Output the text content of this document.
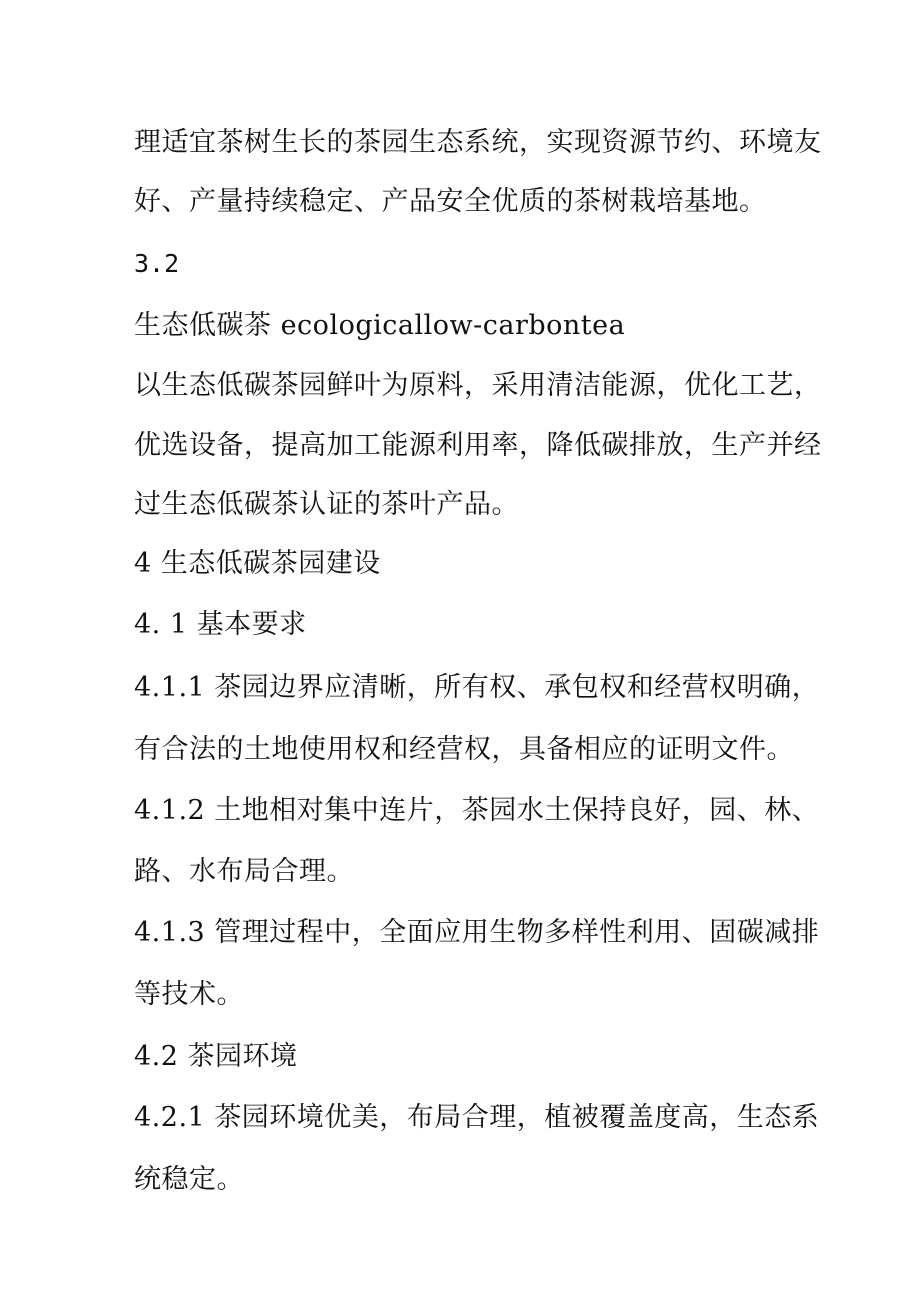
理适宜茶树生长的茶园生态系统，实现资源节约、环境友
好、产量持续稳定、产品安全优质的茶树栽培基地。
3.2
生态低碳茶 ecologicallow-carbontea
以生态低碳茶园鲜叶为原料，采用清洁能源，优化工艺，
优选设备，提高加工能源利用率，降低碳排放，生产并经
过生态低碳茶认证的茶叶产品。
4 生态低碳茶园建设
4. 1 基本要求
4.1.1 茶园边界应清晰，所有权、承包权和经营权明确，
有合法的土地使用权和经营权，具备相应的证明文件。
4.1.2 土地相对集中连片，茶园水土保持良好，园、林、
路、水布局合理。
4.1.3 管理过程中，全面应用生物多样性利用、固碳减排
等技术。
4.2 茶园环境
4.2.1 茶园环境优美，布局合理，植被覆盖度高，生态系
统稳定。
